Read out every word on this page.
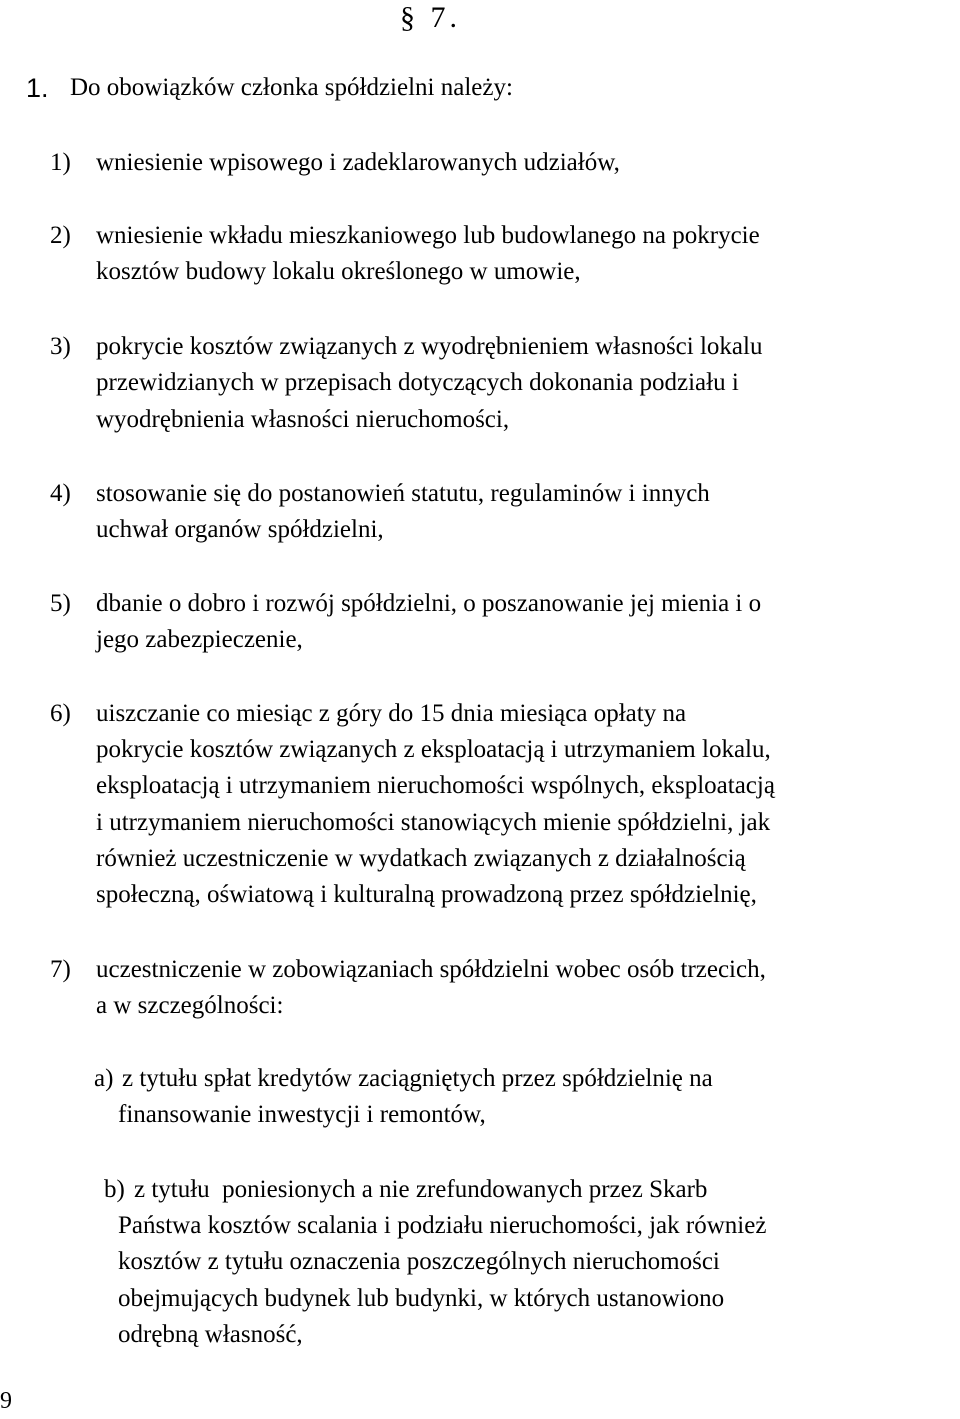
§ 7.
1. Do obowiązków członka spółdzielni należy:
1) wniesienie wpisowego i zadeklarowanych udziałów,
2) wniesienie wkładu mieszkaniowego lub budowlanego na pokrycie
kosztów budowy lokalu określonego w umowie,
3) pokrycie kosztów związanych z wyodrębnieniem własności lokalu
przewidzianych w przepisach dotyczących dokonania podziału i
wyodrębnienia własności nieruchomości,
4) stosowanie się do postanowień statutu, regulaminów i innych
uchwał organów spółdzielni,
5) dbanie o dobro i rozwój spółdzielni, o poszanowanie jej mienia i o
jego zabezpieczenie,
6) uiszczanie co miesiąc z góry do 15 dnia miesiąca opłaty na
pokrycie kosztów związanych z eksploatacją i utrzymaniem lokalu,
eksploatacją i utrzymaniem nieruchomości wspólnych, eksploatacją
i utrzymaniem nieruchomości stanowiących mienie spółdzielni, jak
również uczestniczenie w wydatkach związanych z działalnością
społeczną, oświatową i kulturalną prowadzoną przez spółdzielnię,
7) uczestniczenie w zobowiązaniach spółdzielni wobec osób trzecich,
a w szczególności:
a) z tytułu spłat kredytów zaciągniętych przez spółdzielnię na
finansowanie inwestycji i remontów,
b) z tytułu  poniesionych a nie zrefundowanych przez Skarb
Państwa kosztów scalania i podziału nieruchomości, jak również
kosztów z tytułu oznaczenia poszczególnych nieruchomości
obejmujących budynek lub budynki, w których ustanowiono
odrębną własność,
9
